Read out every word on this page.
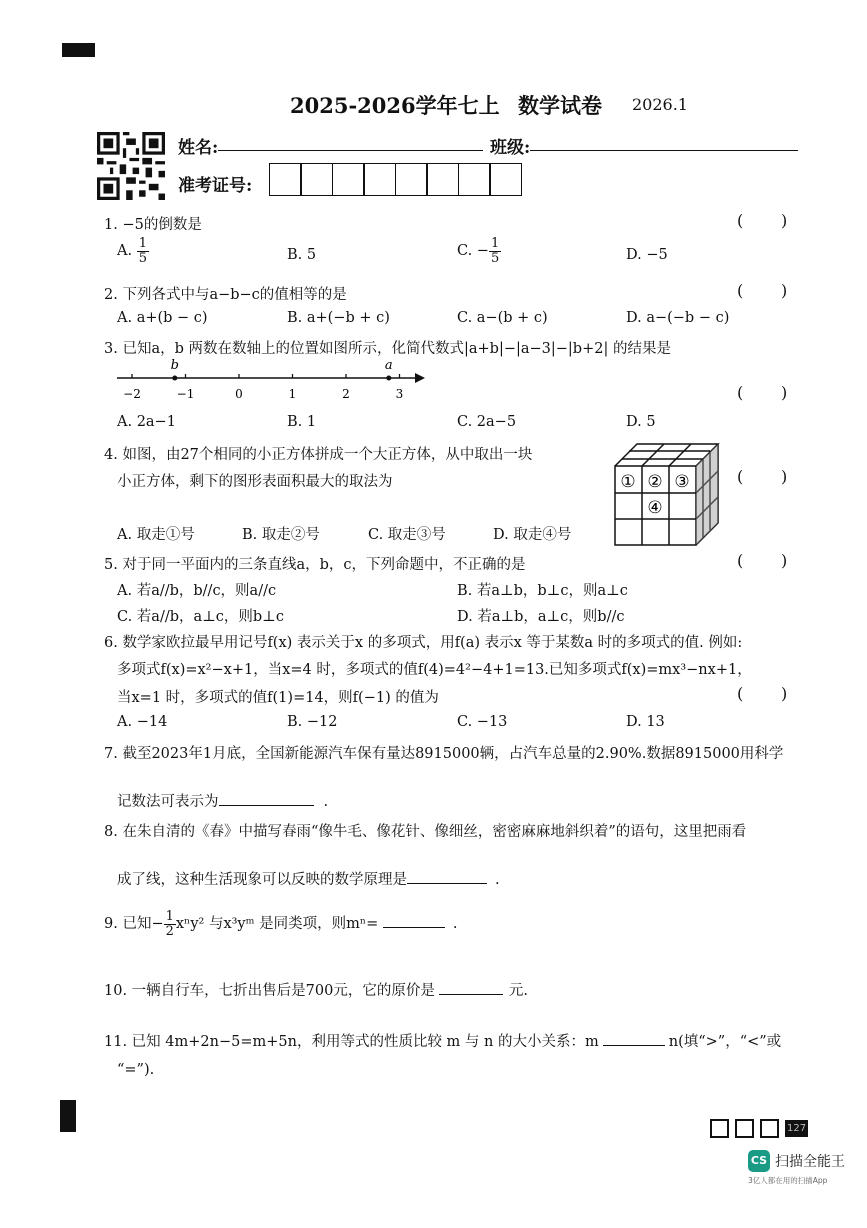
2025-2026学年七上 数学试卷 2026.1
姓名:	班级:
准考证号:
1. −5的倒数是	( )
A. $\frac{1}{5}$	B. 5	C. − $\frac{1}{5}$	D. −5
2. 下列各式中与a−b−c的值相等的是	( )
A. a+(b − c)	B. a+(−b + c)	C. a−(b + c)	D. a−(−b − c)
3. 已知a，b 两数在数轴上的位置如图所示，化简代数式|a+b|−|a−3|−|b+2| 的结果是
−2	−1	0	1	2	3
b	a
( )
A. 2a−1	B. 1	C. 2a−5	D. 5
4. 如图，由27个相同的小正方体拼成一个大正方体，从中取出一块
小正方体，剩下的图形表面积最大的取法为	① ② ③
④
( )
A. 取走①号	B. 取走②号	C. 取走③号	D. 取走④号
5. 对于同一平面内的三条直线a，b，c，下列命题中，不正确的是	( )
A. 若a//b，b//c，则a//c	B. 若a⊥b，b⊥c，则a⊥c
C. 若a//b，a⊥c，则b⊥c	D. 若a⊥b，a⊥c，则b//c
6. 数学家欧拉最早用记号f(x) 表示关于x 的多项式，用f(a) 表示x 等于某数a 时的多项式的值. 例如:
多项式f(x)=x²−x+1，当x=4 时，多项式的值f(4)=4²−4+1=13.已知多项式f(x)=mx³−nx+1，
当x=1 时，多项式的值f(1)=14，则f(−1) 的值为	( )
A. −14	B. −12	C. −13	D. 13
7. 截至2023年1月底，全国新能源汽车保有量达8915000辆，占汽车总量的2.90%.数据8915000用科学
记数法可表示为	.
8. 在朱自清的《春》中描写春雨“像牛毛、像花针、像细丝，密密麻麻地斜织着”的语句，这里把雨看
成了线，这种生活现象可以反映的数学原理是	.
9. 已知− $\frac{1}{2} x^ny^2$ 与x³yᵐ 是同类项，则mⁿ=	.
10. 一辆自行车，七折出售后是700元，它的原价是	元.
11. 已知 4m+2n−5=m+5n，利用等式的性质比较 m 与 n 的大小关系：m	n(填“>”，“<”或
“=”).
127
CS 扫描全能王
3亿人都在用的扫描App
